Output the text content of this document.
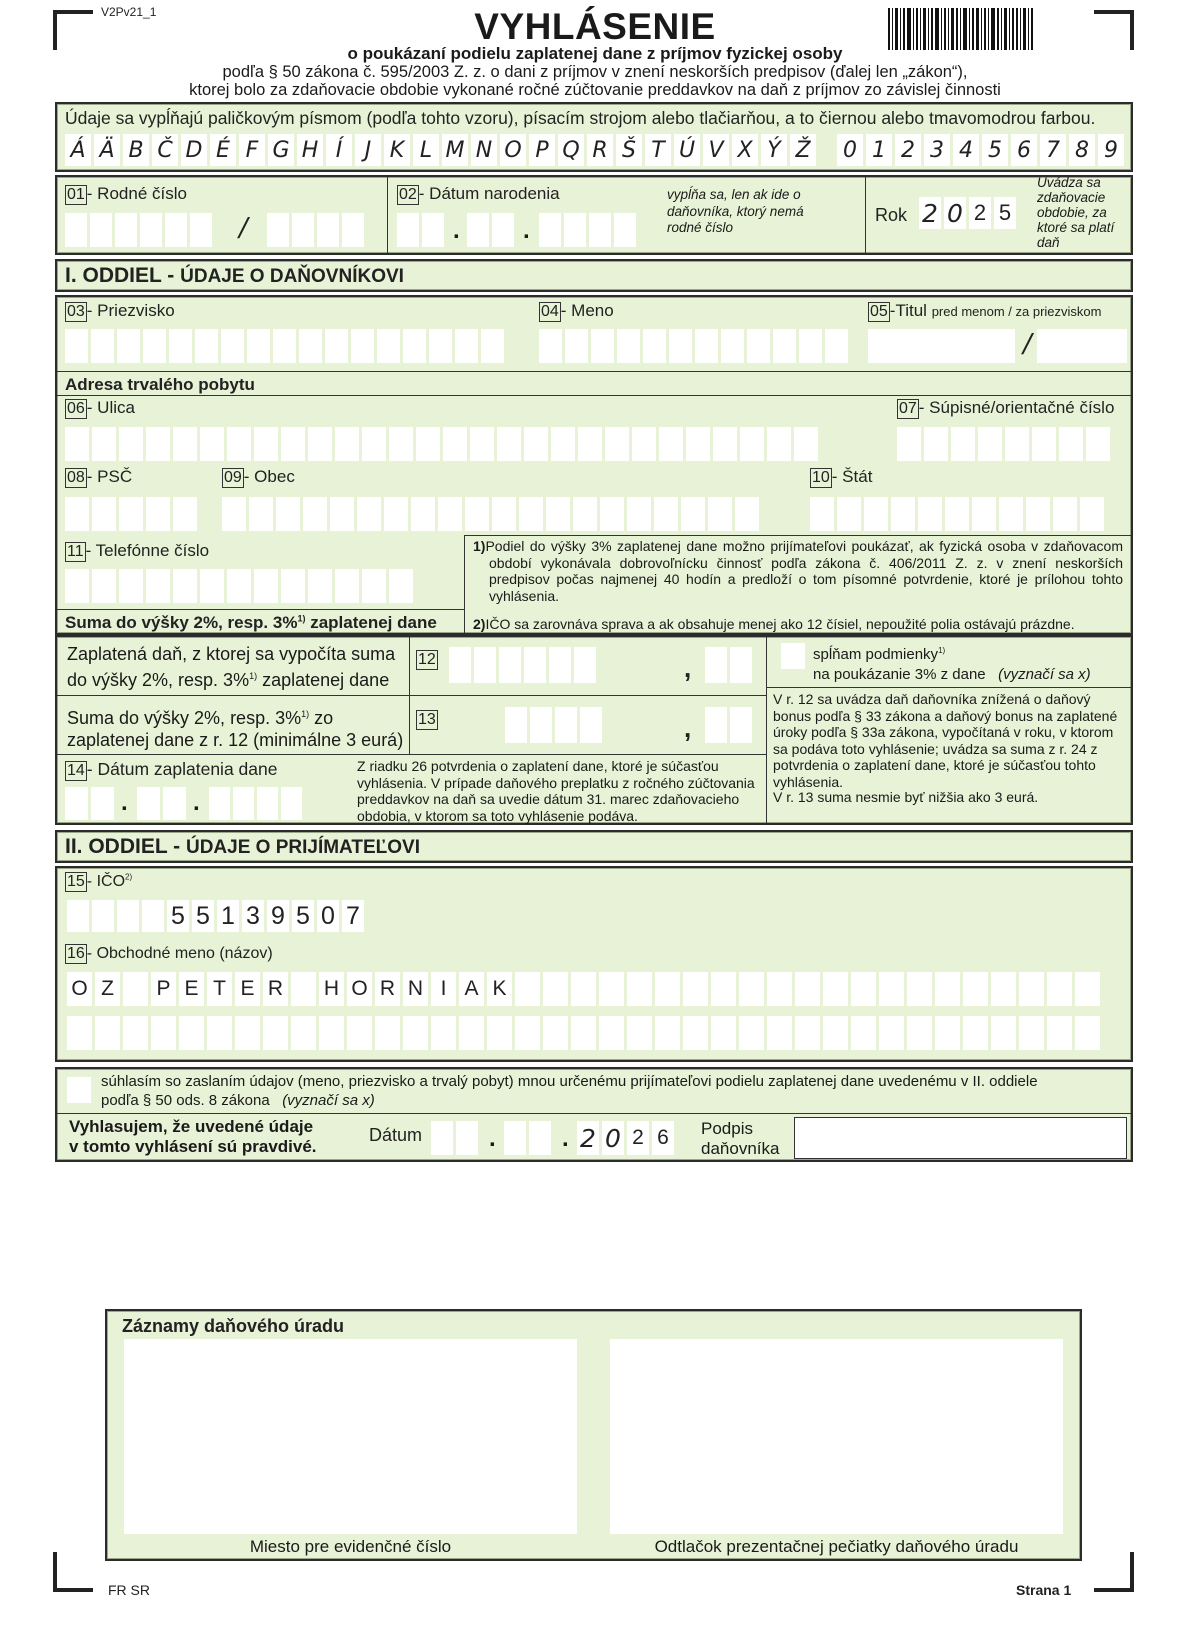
V2Pv21_1	VYHLÁSENIE
o poukázaní podielu zaplatenej dane z príjmov fyzickej osoby
podľa § 50 zákona č. 595/2003 Z. z. o dani z príjmov v znení neskorších predpisov (ďalej len „zákon“),
ktorej bolo za zdaňovacie obdobie vykonané ročné zúčtovanie preddavkov na daň z príjmov zo závislej činnosti
Údaje sa vypĺňajú paličkovým písmom (podľa tohto vzoru), písacím strojom alebo tlačiarňou, a to čiernou alebo tmavomodrou farbou.
Á Ä B Č D É F G H Í	J K L M N O P Q R Š T Ú V X Ý Ž 0 1 2 3 4 5 6 7 8 9
01 - Rodné číslo
/
02 - Dátum narodenia
.	.
vypĺňa sa, len ak ide o daňovníka, ktorý nemá rodné číslo
Rok 2 0 2 5
Uvádza sa zdaňovacie obdobie, za ktoré sa platí daň
I. ODDIEL - ÚDAJE O DAŇOVNÍKOVI
03 - Priezvisko	04 - Meno	05 -Titul pred menom / za priezviskom
/
Adresa trvalého pobytu
06 - Ulica	07 - Súpisné/orientačné číslo
08 - PSČ	09 - Obec	10 - Štát
11 - Telefónne číslo	1)Podiel do výšky 3% zaplatenej dane možno prijímateľovi poukázať, ak fyzická osoba v zdaňovacom období vykonávala dobrovoľnícku činnosť podľa zákona č. 406/2011 Z. z. v znení neskorších predpisov počas najmenej 40 hodín a predloží o tom písomné potvrdenie, ktoré je prílohou tohto vyhlásenia.
2)IČO sa zarovnáva sprava a ak obsahuje menej ako 12 čísiel, nepoužité polia ostávajú prázdne.
Suma do výšky 2%, resp. 3%$^{1)}$ zaplatenej dane
Zaplatená daň, z ktorej sa vypočíta suma
do výšky 2%, resp. 3%$^{1)}$ zaplatenej dane
12	,
Suma do výšky 2%, resp. 3%$^{1)}$ zo
zaplatenej dane z r. 12 (minimálne 3 eurá)
13	,
spĺňam podmienky$^{1)}$
na poukázanie 3% z dane (vyznačí sa x)
V r. 12 sa uvádza daň daňovníka znížená o daňový bonus podľa § 33 zákona a daňový bonus na zaplatené úroky podľa § 33a zákona, vypočítaná v roku, v ktorom sa podáva toto vyhlásenie; uvádza sa suma z r. 24 z potvrdenia o zaplatení dane, ktoré je súčasťou tohto vyhlásenia.
V r. 13 suma nesmie byť nižšia ako 3 eurá.
14 - Dátum zaplatenia dane
.	.
Z riadku 26 potvrdenia o zaplatení dane, ktoré je súčasťou vyhlásenia. V prípade daňového preplatku z ročného zúčtovania preddavkov na daň sa uvedie dátum 31. marec zdaňovacieho obdobia, v ktorom sa toto vyhlásenie podáva.
II. ODDIEL - ÚDAJE O PRIJÍMATEĽOVI
15 - IČO$^{2)}$
5 5 1 3 9 5 0 7
16 - Obchodné meno (názov)
O Z P E T E R H O R N I A K
súhlasím so zaslaním údajov (meno, priezvisko a trvalý pobyt) mnou určenému prijímateľovi podielu zaplatenej dane uvedenému v II. oddiele
podľa § 50 ods. 8 zákona (vyznačí sa x)
Vyhlasujem, že uvedené údaje
v tomto vyhlásení sú pravdivé.
Dátum	.	. 2 0 2 6	Podpis
daňovníka
Záznamy daňového úradu
Miesto pre evidenčné číslo	Odtlačok prezentačnej pečiatky daňového úradu
FR SR	Strana 1
